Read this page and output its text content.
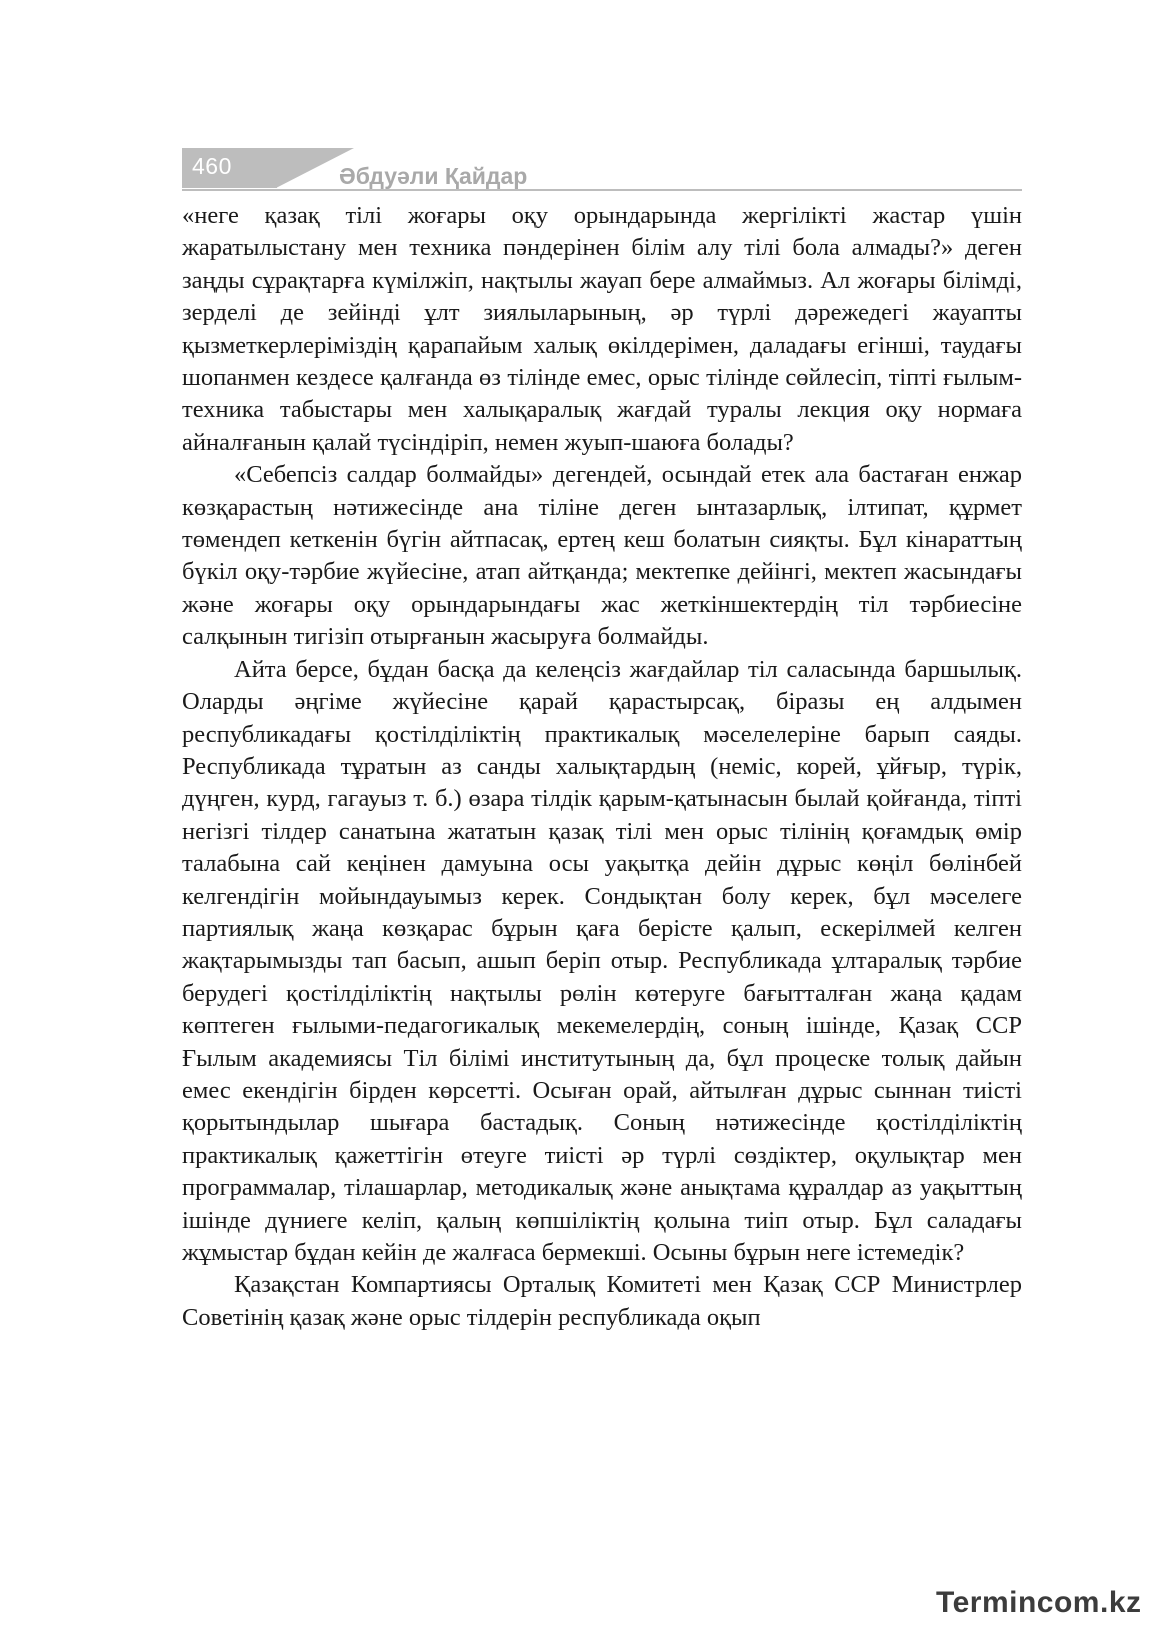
460	Әбдуәли Қайдар

«неге қазақ тілі жоғары оқу орындарында жергілікті жастар үшін жаратылыстану мен техника пәндерінен білім алу тілі бола алмады?» деген заңды сұрақтарға күмілжіп, нақтылы жауап бере алмаймыз. Ал жоғары білімді, зерделі де зейінді ұлт зиялыларының, әр түрлі дәрежедегі жауапты қызметкерлеріміздің қарапайым халық өкілдерімен, даладағы егінші, таудағы шопанмен кездесе қалғанда өз тілінде емес, орыс тілінде сөйлесіп, тіпті ғылым-техника табыстары мен халықаралық жағдай туралы лекция оқу нормаға айналғанын қалай түсіндіріп, немен жуып-шаюға болады?

«Себепсіз салдар болмайды» дегендей, осындай етек ала бастаған енжар көзқарастың нәтижесінде ана тіліне деген ынтазарлық, ілтипат, құрмет төмендеп кеткенін бүгін айтпасақ, ертең кеш болатын сияқты. Бұл кінараттың бүкіл оқу-тәрбие жүйесіне, атап айтқанда; мектепке дейінгі, мектеп жасындағы және жоғары оқу орындарындағы жас жеткіншектердің тіл тәрбиесіне салқынын тигізіп отырғанын жасыруға болмайды.

Айта берсе, бұдан басқа да келеңсіз жағдайлар тіл саласында баршылық. Оларды әңгіме жүйесіне қарай қарастырсақ, біразы ең алдымен республикадағы қостілділіктің практикалық мәселелеріне барып саяды. Республикада тұратын аз санды халықтардың (неміс, корей, ұйғыр, түрік, дүңген, курд, гагауыз т. б.) өзара тілдік қарым-қатынасын былай қойғанда, тіпті негізгі тілдер санатына жататын қазақ тілі мен орыс тілінің қоғамдық өмір талабына сай кеңінен дамуына осы уақытқа дейін дұрыс көңіл бөлінбей келгендігін мойындауымыз керек. Сондықтан болу керек, бұл мәселеге партиялық жаңа көзқарас бұрын қаға берісте қалып, ескерілмей келген жақтарымызды тап басып, ашып беріп отыр. Республикада ұлтаралық тәрбие берудегі қостілділіктің нақтылы рөлін көтеруге бағытталған жаңа қадам көптеген ғылыми-педагогикалық мекемелердің, соның ішінде, Қазақ ССР Ғылым академиясы Тіл білімі институтының да, бұл процеске толық дайын емес екендігін бірден көрсетті. Осыған орай, айтылған дұрыс сыннан тиісті қорытындылар шығара бастадық. Соның нәтижесінде қостілділіктің практикалық қажеттігін өтеуге тиісті әр түрлі сөздіктер, оқулықтар мен программалар, тілашарлар, методикалық және анықтама құралдар аз уақыттың ішінде дүниеге келіп, қалың көпшіліктің қолына тиіп отыр. Бұл саладағы жұмыстар бұдан кейін де жалғаса бермекші. Осыны бұрын неге істемедік?

Қазақстан Компартиясы Орталық Комитеті мен Қазақ ССР Министрлер Советінің қазақ және орыс тілдерін республикада оқып

Termincom.kz
